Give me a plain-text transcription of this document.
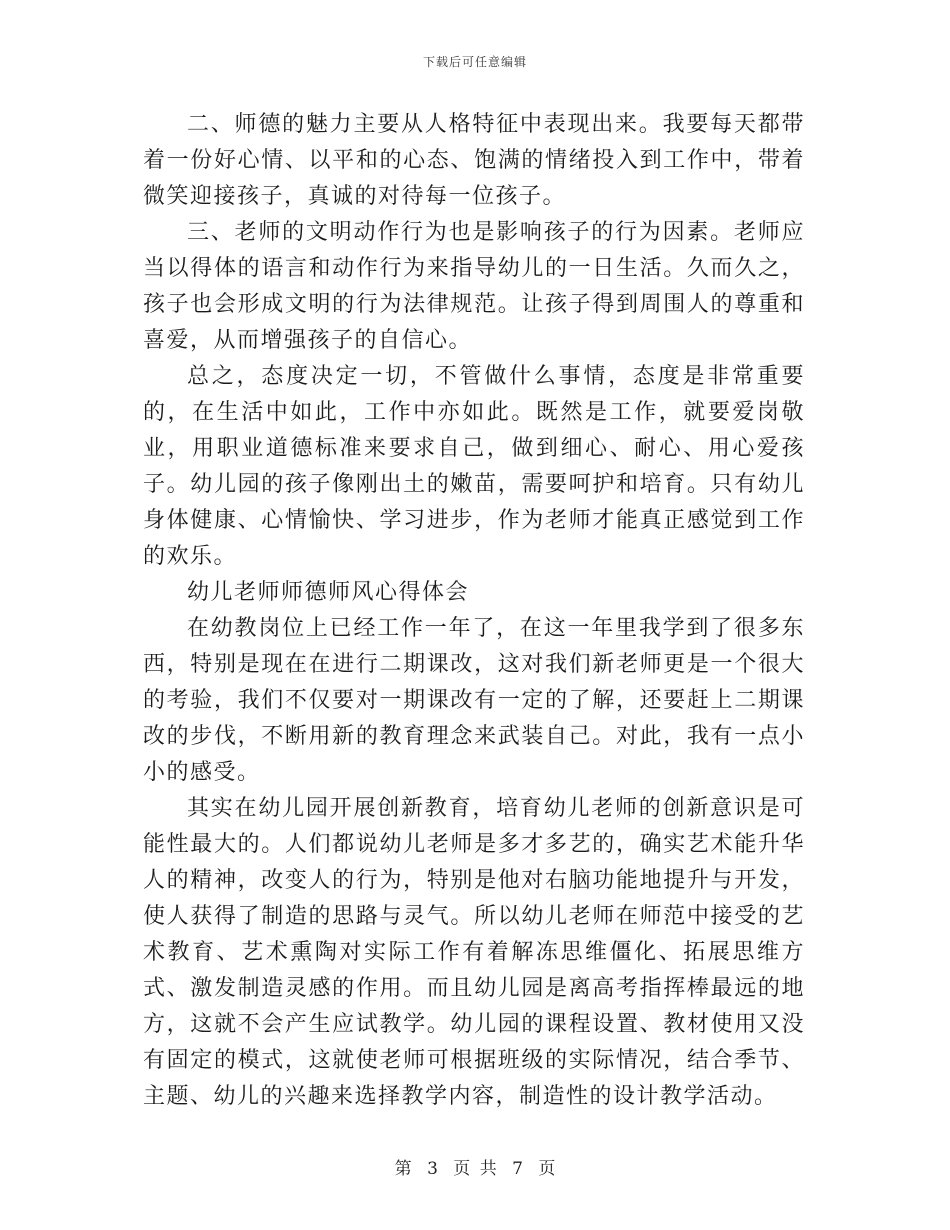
下载后可任意编辑

二、师德的魅力主要从人格特征中表现出来。我要每天都带着一份好心情、以平和的心态、饱满的情绪投入到工作中，带着微笑迎接孩子，真诚的对待每一位孩子。

三、老师的文明动作行为也是影响孩子的行为因素。老师应当以得体的语言和动作行为来指导幼儿的一日生活。久而久之，孩子也会形成文明的行为法律规范。让孩子得到周围人的尊重和喜爱，从而增强孩子的自信心。

总之，态度决定一切，不管做什么事情，态度是非常重要的，在生活中如此，工作中亦如此。既然是工作，就要爱岗敬业，用职业道德标准来要求自己，做到细心、耐心、用心爱孩子。幼儿园的孩子像刚出土的嫩苗，需要呵护和培育。只有幼儿身体健康、心情愉快、学习进步，作为老师才能真正感觉到工作的欢乐。

幼儿老师师德师风心得体会

在幼教岗位上已经工作一年了，在这一年里我学到了很多东西，特别是现在在进行二期课改，这对我们新老师更是一个很大的考验，我们不仅要对一期课改有一定的了解，还要赶上二期课改的步伐，不断用新的教育理念来武装自己。对此，我有一点小小的感受。

其实在幼儿园开展创新教育，培育幼儿老师的创新意识是可能性最大的。人们都说幼儿老师是多才多艺的，确实艺术能升华人的精神，改变人的行为，特别是他对右脑功能地提升与开发，使人获得了制造的思路与灵气。所以幼儿老师在师范中接受的艺术教育、艺术熏陶对实际工作有着解冻思维僵化、拓展思维方式、激发制造灵感的作用。而且幼儿园是离高考指挥棒最远的地方，这就不会产生应试教学。幼儿园的课程设置、教材使用又没有固定的模式，这就使老师可根据班级的实际情况，结合季节、主题、幼儿的兴趣来选择教学内容，制造性的设计教学活动。

第 3 页 共 7 页
